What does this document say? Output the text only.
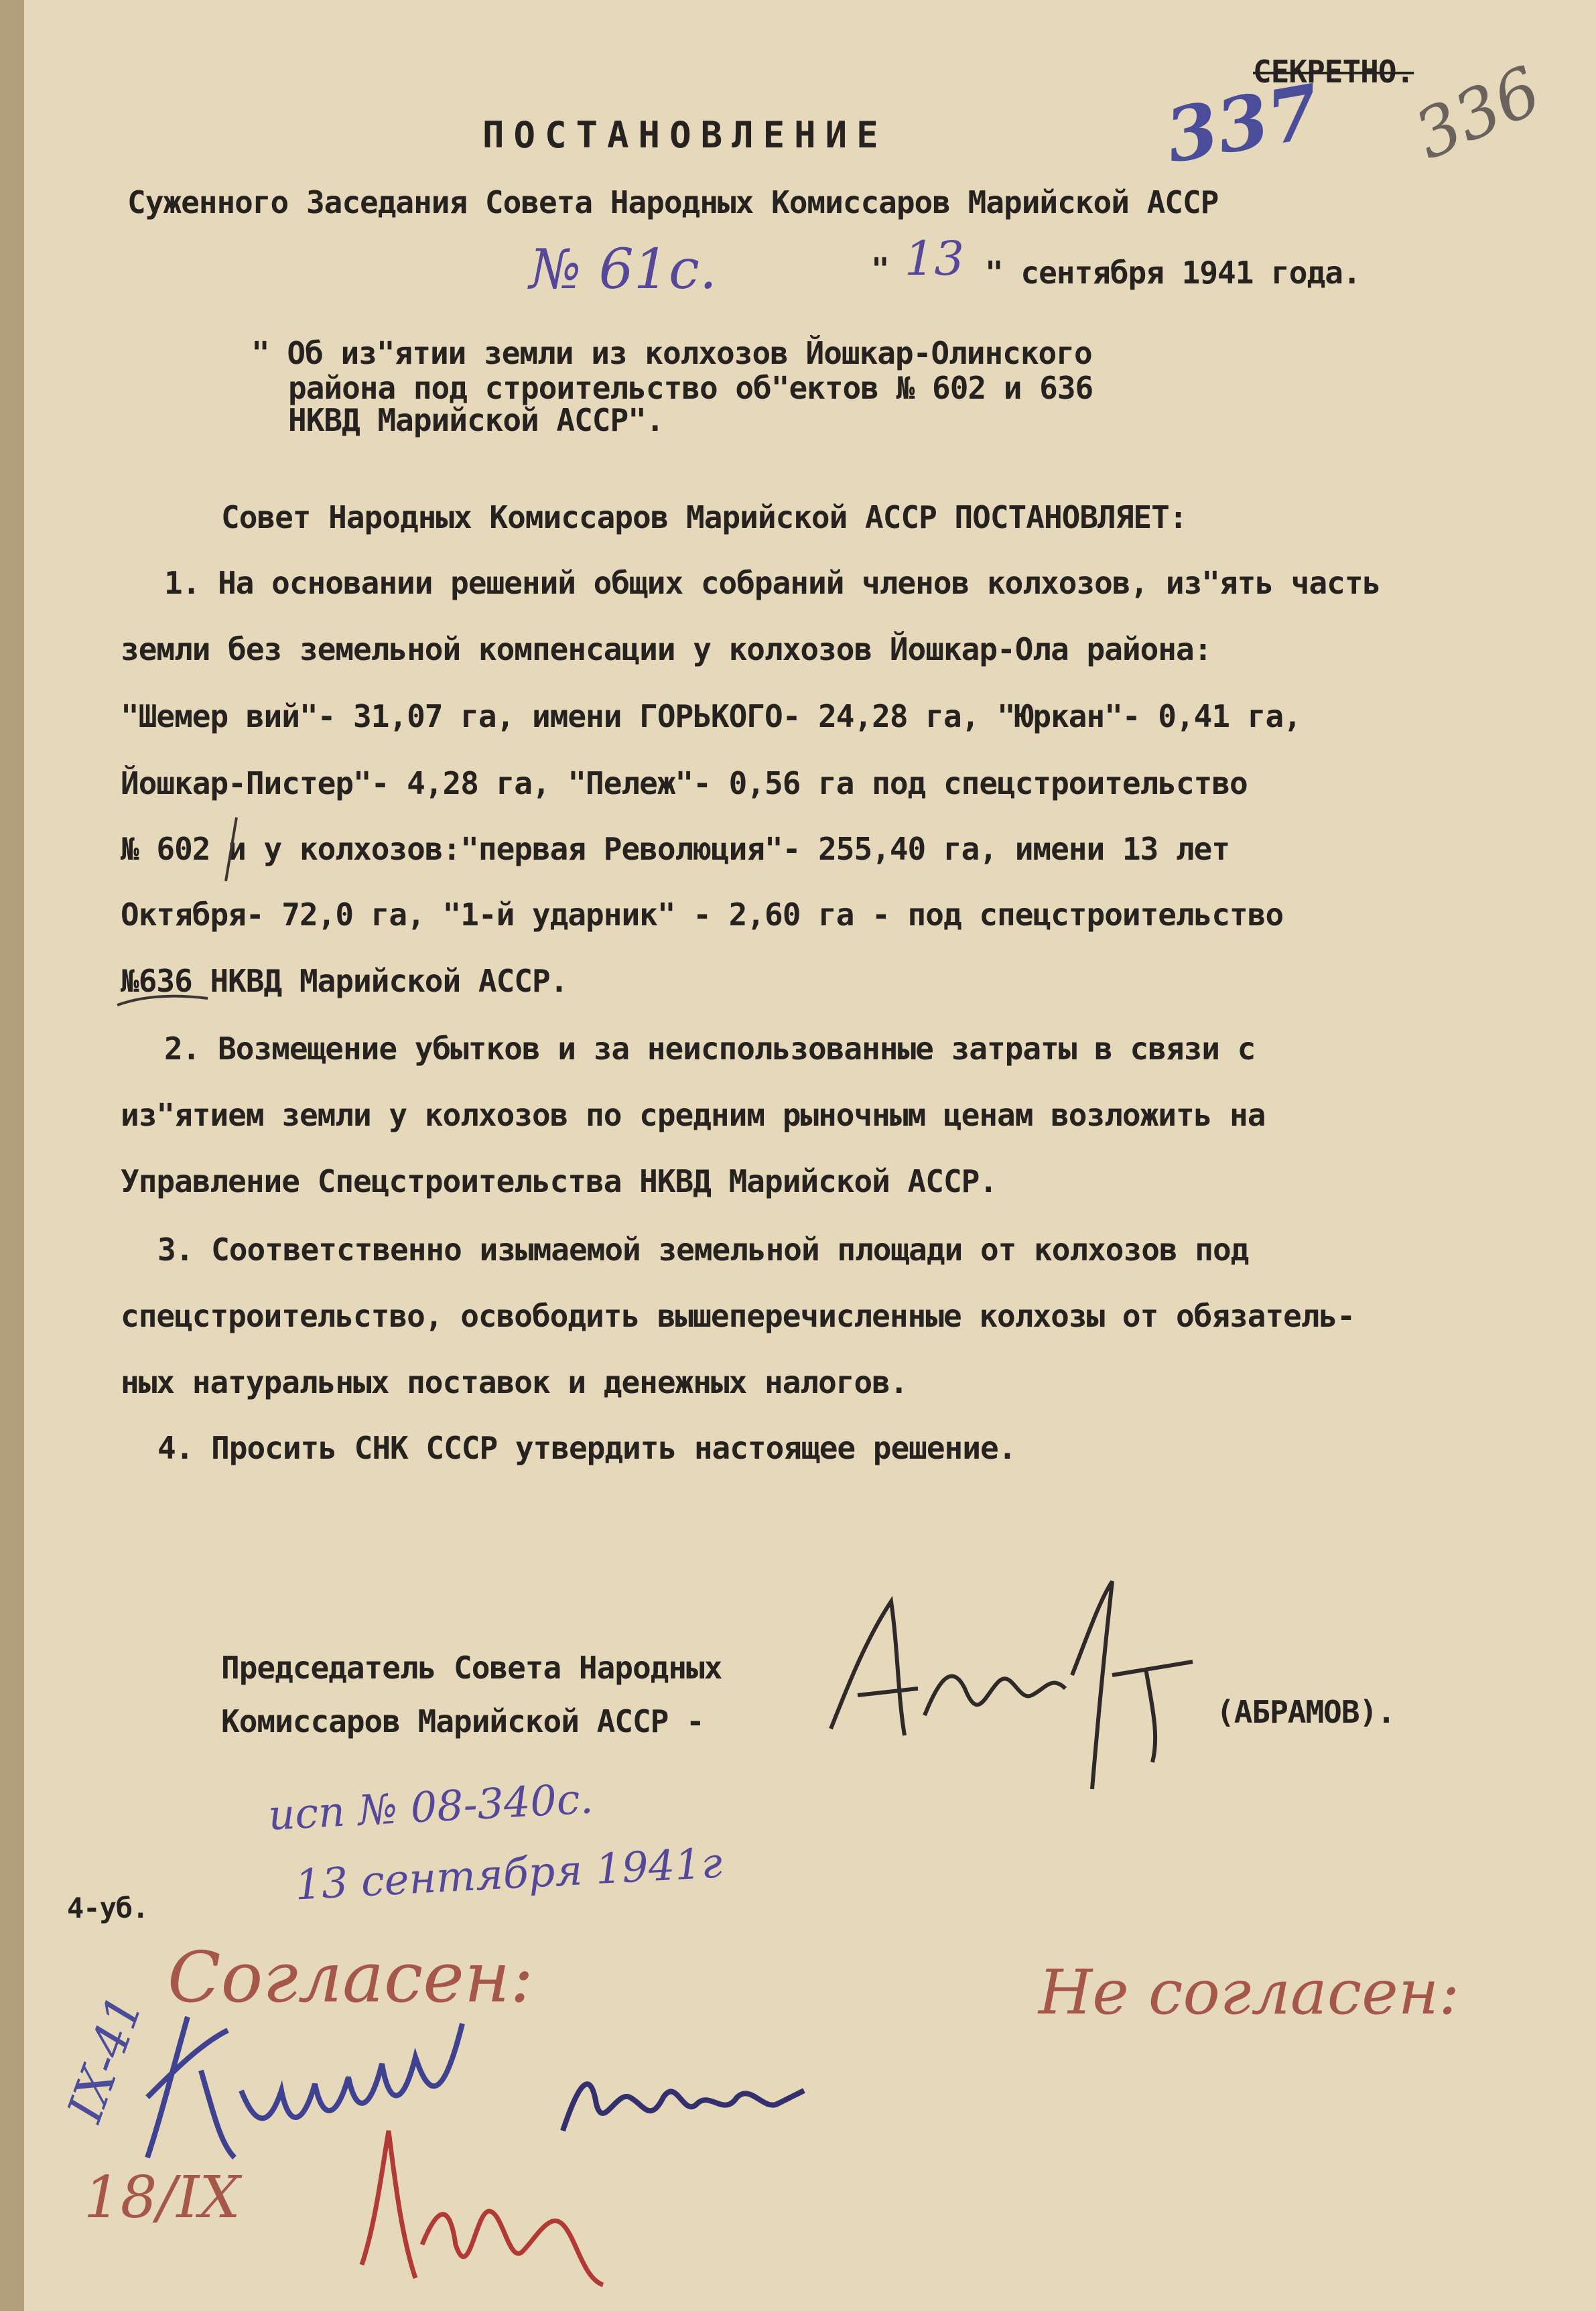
СЕКРЕТНО.
337 336
ПОСТАНОВЛЕНИЕ
Суженного Заседания Совета Народных Комиссаров Марийской АССР
№ 61с.	" 13 " сентября 1941 года.
" Об из"ятии земли из колхозов Йошкар-Олинского
района под строительство об"ектов № 602 и 636
НКВД Марийской АССР".
Совет Народных Комиссаров Марийской АССР ПОСТАНОВЛЯЕТ:
1. На основании решений общих собраний членов колхозов, из"ять часть
земли без земельной компенсации у колхозов Йошкар-Ола района:
"Шемер вий"- 31,07 га, имени ГОРЬКОГО- 24,28 га, "Юркан"- 0,41 га,
Йошкар-Пистер"- 4,28 га, "Пележ"- 0,56 га под спецстроительство
№ 602 и у колхозов:"первая Революция"- 255,40 га, имени 13 лет
Октября- 72,0 га, "1-й ударник" - 2,60 га - под спецстроительство
№636 НКВД Марийской АССР.
2. Возмещение убытков и за неиспользованные затраты в связи с
из"ятием земли у колхозов по средним рыночным ценам возложить на
Управление Спецстроительства НКВД Марийской АССР.
3. Соответственно изымаемой земельной площади от колхозов под
спецстроительство, освободить вышеперечисленные колхозы от обязатель-
ных натуральных поставок и денежных налогов.
4. Просить СНК СССР утвердить настоящее решение.
Председатель Совета Народных
Комиссаров Марийской АССР -	(АБРАМОВ).
исп № 08-340с.
13 сентября 1941г
4-уб.
Согласен:	Не согласен:
IX-41
18/IX
